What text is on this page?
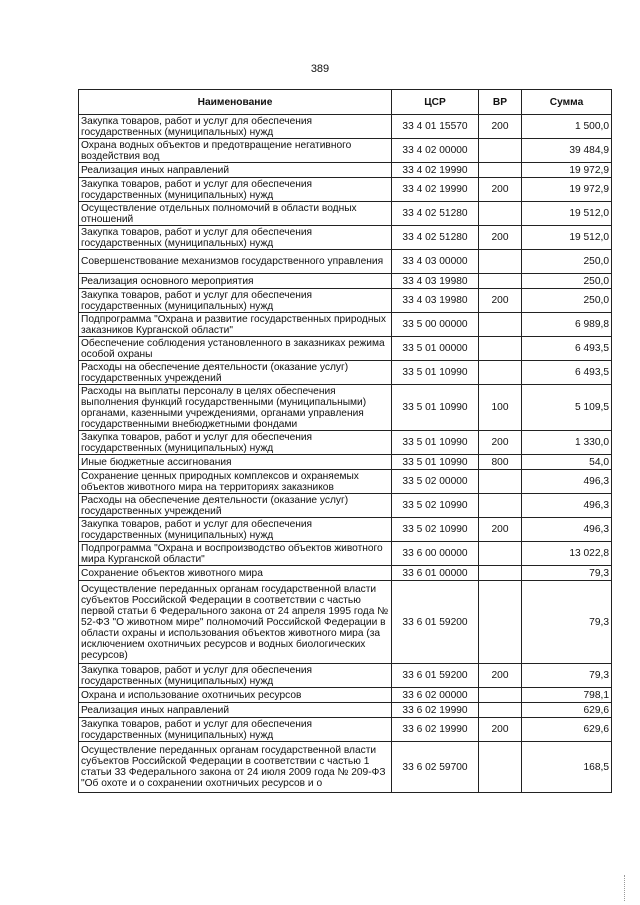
389
Наименование	ЦСР	ВР	Сумма
Закупка товаров, работ и услуг для обеспечения государственных (муниципальных) нужд	33 4 01 15570	200	1 500,0
Охрана водных объектов и предотвращение негативного воздействия вод	33 4 02 00000		39 484,9
Реализация иных направлений	33 4 02 19990		19 972,9
Закупка товаров, работ и услуг для обеспечения государственных (муниципальных) нужд	33 4 02 19990	200	19 972,9
Осуществление отдельных полномочий в области водных отношений	33 4 02 51280		19 512,0
Закупка товаров, работ и услуг для обеспечения государственных (муниципальных) нужд	33 4 02 51280	200	19 512,0
Совершенствование механизмов государственного управления	33 4 03 00000		250,0
Реализация основного мероприятия	33 4 03 19980		250,0
Закупка товаров, работ и услуг для обеспечения государственных (муниципальных) нужд	33 4 03 19980	200	250,0
Подпрограмма "Охрана и развитие государственных природных заказников Курганской области"	33 5 00 00000		6 989,8
Обеспечение соблюдения установленного в заказниках режима особой охраны	33 5 01 00000		6 493,5
Расходы на обеспечение деятельности (оказание услуг) государственных учреждений	33 5 01 10990		6 493,5
Расходы на выплаты персоналу в целях обеспечения выполнения функций государственными (муниципальными) органами, казенными учреждениями, органами управления государственными внебюджетными фондами	33 5 01 10990	100	5 109,5
Закупка товаров, работ и услуг для обеспечения государственных (муниципальных) нужд	33 5 01 10990	200	1 330,0
Иные бюджетные ассигнования	33 5 01 10990	800	54,0
Сохранение ценных природных комплексов и охраняемых объектов животного мира на территориях заказников	33 5 02 00000		496,3
Расходы на обеспечение деятельности (оказание услуг) государственных учреждений	33 5 02 10990		496,3
Закупка товаров, работ и услуг для обеспечения государственных (муниципальных) нужд	33 5 02 10990	200	496,3
Подпрограмма "Охрана и воспроизводство объектов животного мира Курганской области"	33 6 00 00000		13 022,8
Сохранение объектов животного мира	33 6 01 00000		79,3
Осуществление переданных органам государственной власти субъектов Российской Федерации в соответствии с частью первой статьи 6 Федерального закона от 24 апреля 1995 года № 52-ФЗ "О животном мире" полномочий Российской Федерации в области охраны и использования объектов животного мира (за исключением охотничьих ресурсов и водных биологических ресурсов)	33 6 01 59200		79,3
Закупка товаров, работ и услуг для обеспечения государственных (муниципальных) нужд	33 6 01 59200	200	79,3
Охрана и использование охотничьих ресурсов	33 6 02 00000		798,1
Реализация иных направлений	33 6 02 19990		629,6
Закупка товаров, работ и услуг для обеспечения государственных (муниципальных) нужд	33 6 02 19990	200	629,6
Осуществление переданных органам государственной власти субъектов Российской Федерации в соответствии с частью 1 статьи 33 Федерального закона от 24 июля 2009 года № 209-ФЗ "Об охоте и о сохранении охотничьих ресурсов и о	33 6 02 59700		168,5
